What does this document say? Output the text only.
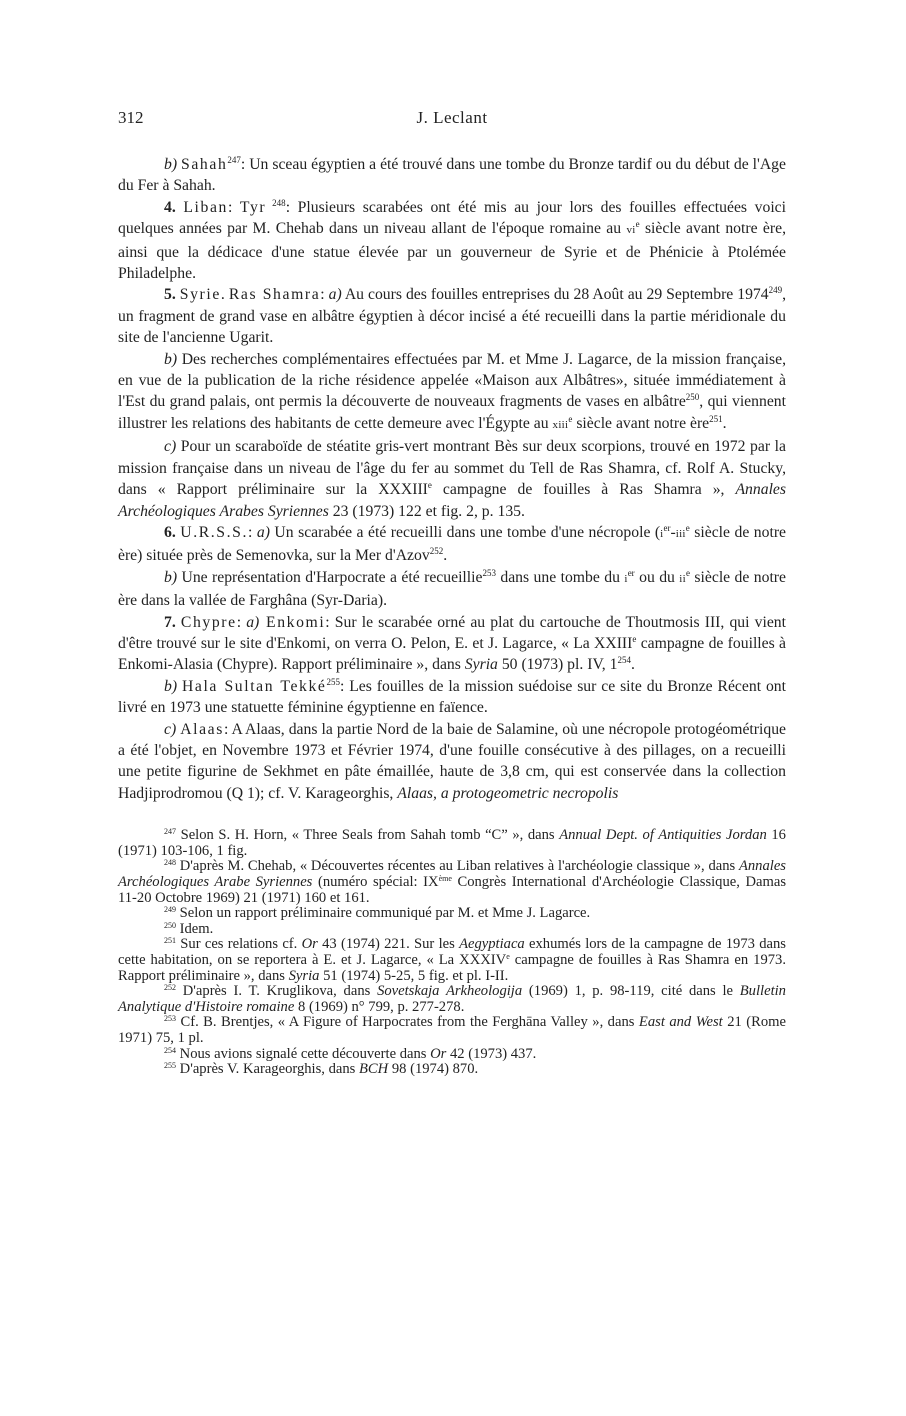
312	J. Leclant

b) Sahah$^{247}$: Un sceau égyptien a été trouvé dans une tombe du Bronze tardif ou du début de l'Age du Fer à Sahah.

4. Liban: Tyr $^{248}$: Plusieurs scarabées ont été mis au jour lors des fouilles effectuées voici quelques années par M. Chehab dans un niveau allant de l'époque romaine au $vi^e$ siècle avant notre ère, ainsi que la dédicace d'une statue élevée par un gouverneur de Syrie et de Phénicie à Ptolémée Philadelphe.

5. Syrie. Ras Shamra: a) Au cours des fouilles entreprises du 28 Août au 29 Septembre 1974$^{249}$, un fragment de grand vase en albâtre égyptien à décor incisé a été recueilli dans la partie méridionale du site de l'ancienne Ugarit.

b) Des recherches complémentaires effectuées par M. et Mme J. Lagarce, de la mission française, en vue de la publication de la riche résidence appelée «Maison aux Albâtres», située immédiatement à l'Est du grand palais, ont permis la découverte de nouveaux fragments de vases en albâtre$^{250}$, qui viennent illustrer les relations des habitants de cette demeure avec l'Égypte au xiii$^e$ siècle avant notre ère$^{251}$.

c) Pour un scaraboïde de stéatite gris-vert montrant Bès sur deux scorpions, trouvé en 1972 par la mission française dans un niveau de l'âge du fer au sommet du Tell de Ras Shamra, cf. Rolf A. Stucky, dans « Rapport préliminaire sur la XXXIIIe campagne de fouilles à Ras Shamra », Annales Archéologiques Arabes Syriennes 23 (1973) 122 et fig. 2, p. 135.

6. U.R.S.S.: a) Un scarabée a été recueilli dans une tombe d'une nécropole ($i^{er}-iii^e$ siècle de notre ère) située près de Semenovka, sur la Mer d'Azov$^{252}$.

b) Une représentation d'Harpocrate a été recueillie$^{253}$ dans une tombe du $i^{er}$ ou du $ii^e$ siècle de notre ère dans la vallée de Farghâna (Syr-Daria).

7. Chypre: a) Enkomi: Sur le scarabée orné au plat du cartouche de Thoutmosis III, qui vient d'être trouvé sur le site d'Enkomi, on verra O. Pelon, E. et J. Lagarce, « La XXIIIe campagne de fouilles à Enkomi-Alasia (Chypre). Rapport préliminaire », dans Syria 50 (1973) pl. IV, $1^{254}$.

b) Hala Sultan Tekké$^{255}$: Les fouilles de la mission suédoise sur ce site du Bronze Récent ont livré en 1973 une statuette féminine égyptienne en faïence.

c) Alaas: A Alaas, dans la partie Nord de la baie de Salamine, où une nécropole protogéométrique a été l'objet, en Novembre 1973 et Février 1974, d'une fouille consécutive à des pillages, on a recueilli une petite figurine de Sekhmet en pâte émaillée, haute de 3,8 cm, qui est conservée dans la collection Hadjiprodromou (Q 1); cf. V. Karageorghis, Alaas, a protogeometric necropolis

$^{247}$ Selon S. H. Horn, « Three Seals from Sahah tomb “C” », dans Annual Dept. of Antiquities Jordan 16 (1971) 103-106, 1 fig.

$^{248}$ D'après M. Chehab, « Découvertes récentes au Liban relatives à l'archéologie classique », dans Annales Archéologiques Arabe Syriennes (numéro spécial: IXème Congrès International d'Archéologie Classique, Damas 11-20 Octobre 1969) 21 (1971) 160 et 161.

$^{249}$ Selon un rapport préliminaire communiqué par M. et Mme J. Lagarce.

$^{250}$ Idem.

$^{251}$ Sur ces relations cf. Or 43 (1974) 221. Sur les Aegyptiaca exhumés lors de la campagne de 1973 dans cette habitation, on se reportera à E. et J. Lagarce, « La XXXIVe campagne de fouilles à Ras Shamra en 1973. Rapport préliminaire », dans Syria 51 (1974) 5-25, 5 fig. et pl. I-II.

$^{252}$ D'après I. T. Kruglikova, dans Sovetskaja Arkheologija (1969) 1, p. 98-119, cité dans le Bulletin Analytique d'Histoire romaine 8 (1969) n° 799, p. 277-278.

$^{253}$ Cf. B. Brentjes, « A Figure of Harpocrates from the Ferghāna Valley », dans East and West 21 (Rome 1971) 75, 1 pl.

$^{254}$ Nous avions signalé cette découverte dans Or 42 (1973) 437.

$^{255}$ D'après V. Karageorghis, dans BCH 98 (1974) 870.
